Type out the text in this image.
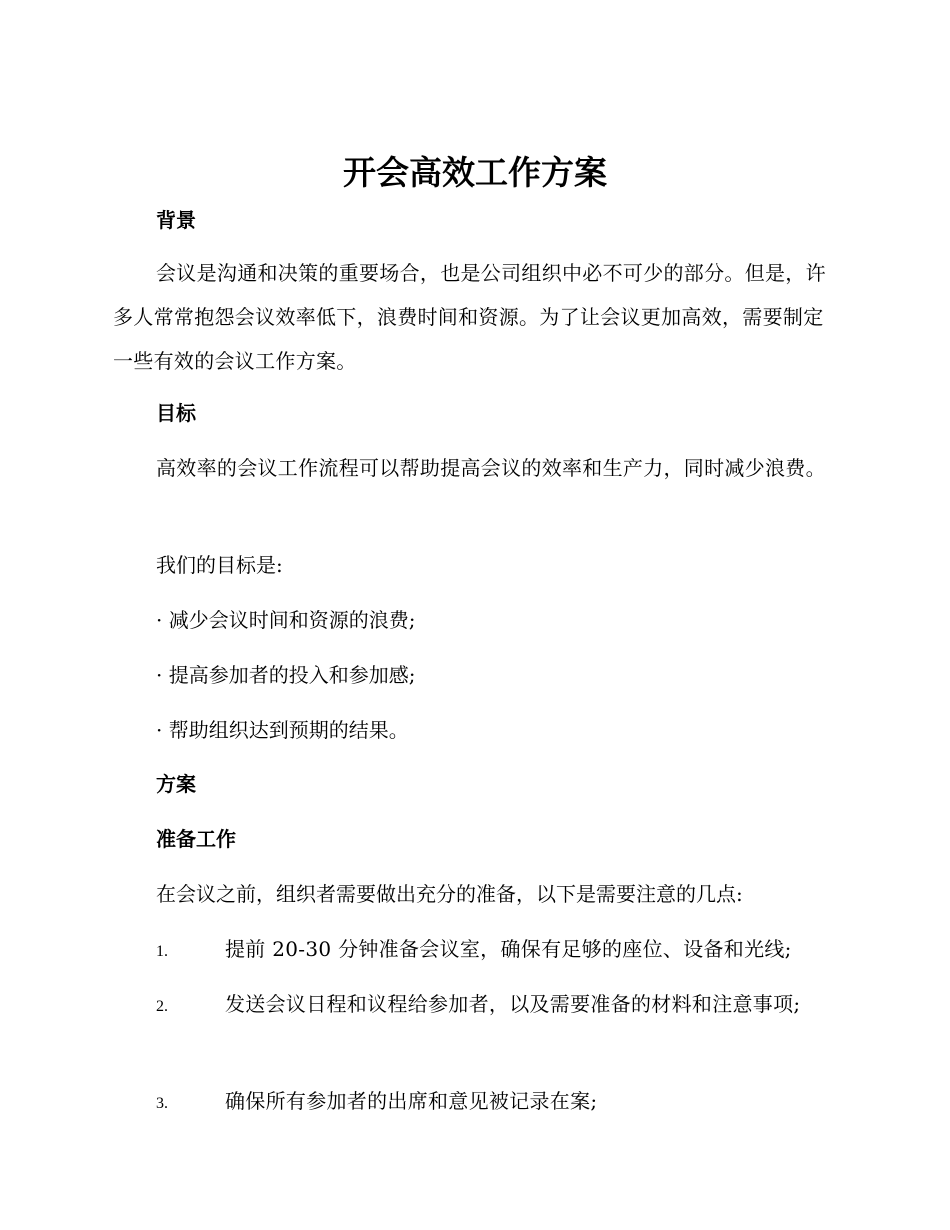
开会高效工作方案
背景

会议是沟通和决策的重要场合，也是公司组织中必不可少的部分。但是，许多人常常抱怨会议效率低下，浪费时间和资源。为了让会议更加高效，需要制定一些有效的会议工作方案。

目标

高效率的会议工作流程可以帮助提高会议的效率和生产力，同时减少浪费。

我们的目标是:

· 减少会议时间和资源的浪费;

· 提高参加者的投入和参加感;

· 帮助组织达到预期的结果。

方案
准备工作

在会议之前，组织者需要做出充分的准备，以下是需要注意的几点:

1.	提前 20-30 分钟准备会议室，确保有足够的座位、设备和光线;

2.	发送会议日程和议程给参加者，以及需要准备的材料和注意事项;

3.	确保所有参加者的出席和意见被记录在案;
